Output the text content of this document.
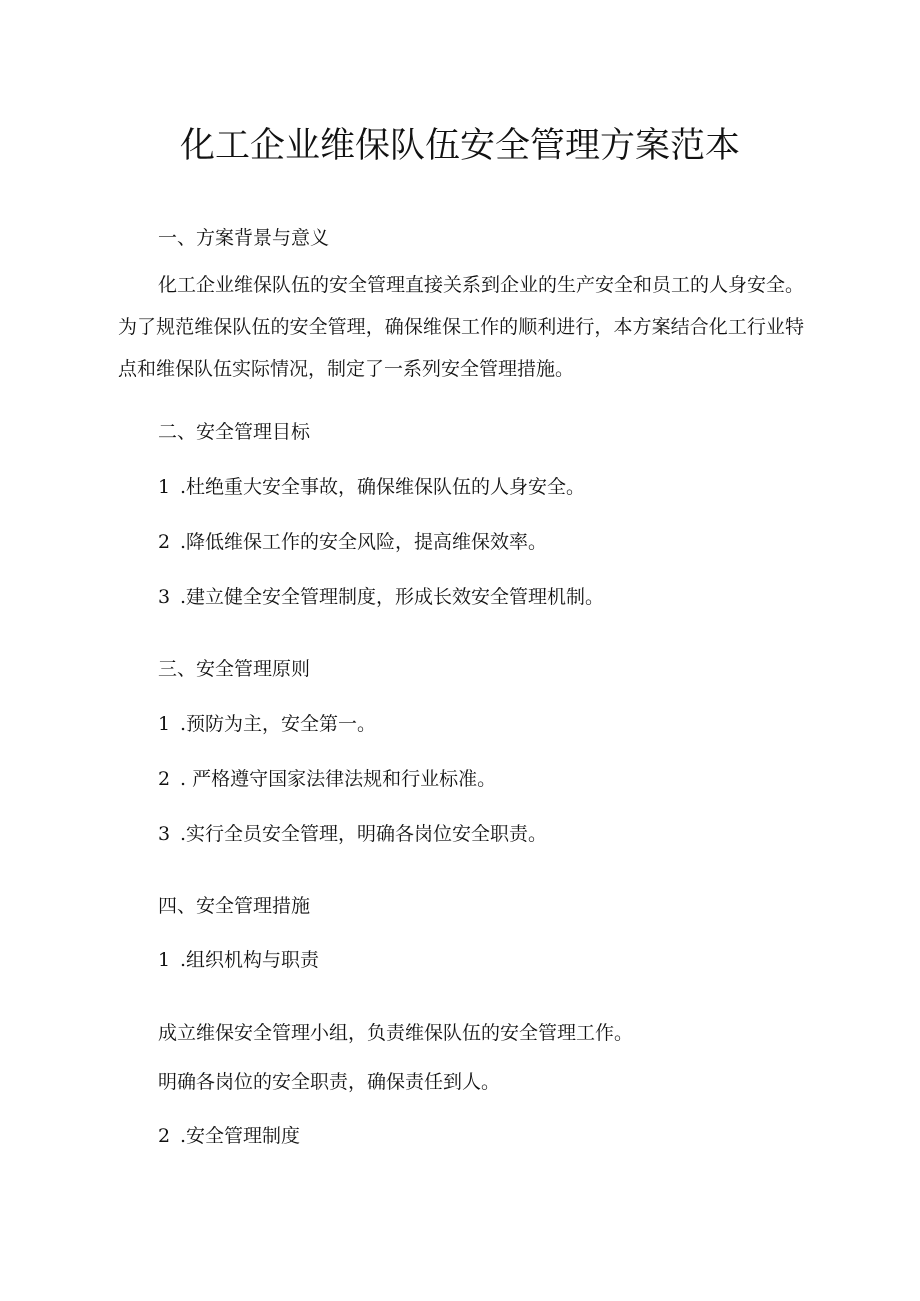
化工企业维保队伍安全管理方案范本

一、方案背景与意义

化工企业维保队伍的安全管理直接关系到企业的生产安全和员工的人身安全。为了规范维保队伍的安全管理，确保维保工作的顺利进行，本方案结合化工行业特点和维保队伍实际情况，制定了一系列安全管理措施。

二、安全管理目标

1 .杜绝重大安全事故，确保维保队伍的人身安全。

2 .降低维保工作的安全风险，提高维保效率。

3 .建立健全安全管理制度，形成长效安全管理机制。

三、安全管理原则

1 .预防为主，安全第一。

2 . 严格遵守国家法律法规和行业标准。

3 .实行全员安全管理，明确各岗位安全职责。

四、安全管理措施

1 .组织机构与职责

成立维保安全管理小组，负责维保队伍的安全管理工作。

明确各岗位的安全职责，确保责任到人。

2 .安全管理制度
